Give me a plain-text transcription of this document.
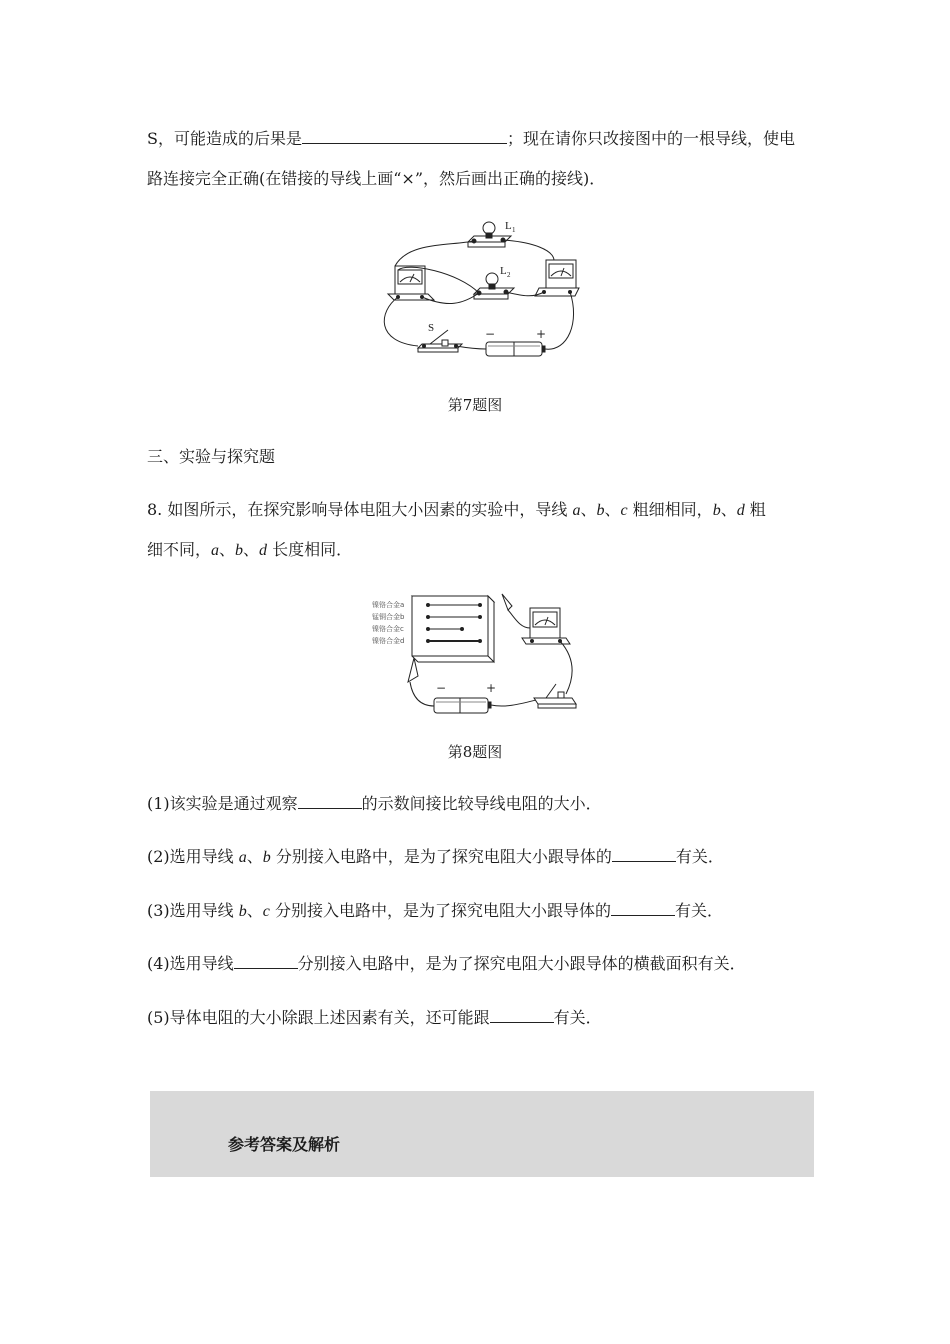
S，可能造成的后果是	；现在请你只改接图中的一根导线，使电
路连接完全正确(在错接的导线上画“×”，然后画出正确的接线)．
L 1
L 2
S	−	+
第7题图
三、实验与探究题
8. 如图所示，在探究影响导体电阻大小因素的实验中，导线 a、b、c 粗细相同，b、d 粗
细不同，a、b、d 长度相同．
镍铬合金a
锰铜合金b
镍铬合金c
镍铬合金d
−	+
第8题图
(1)该实验是通过观察	的示数间接比较导线电阻的大小．
(2)选用导线 a、b 分别接入电路中，是为了探究电阻大小跟导体的	有关．
(3)选用导线 b、c 分别接入电路中，是为了探究电阻大小跟导体的	有关．
(4)选用导线	分别接入电路中，是为了探究电阻大小跟导体的横截面积有关．
(5)导体电阻的大小除跟上述因素有关，还可能跟	有关．
参考答案及解析
